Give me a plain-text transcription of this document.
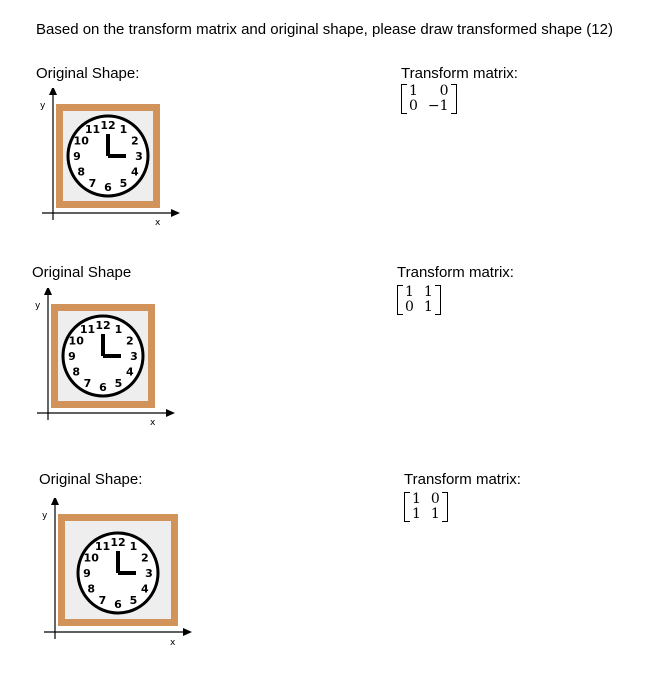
Based on the transform matrix and original shape, please draw transformed shape (12)
Original Shape:	Transform matrix:
1	0
0 −1
y
x
12 1
2
3
4
5
6
7
8
9
10
11
Original Shape	Transform matrix:
1 1
0 1
y
x
12 1
2
3
4
5
6
7
8
9
10
11
Original Shape:	Transform matrix:
1 0
1 1
y
x
12 1
2
3
4
5
6
7
8
9
10
11
